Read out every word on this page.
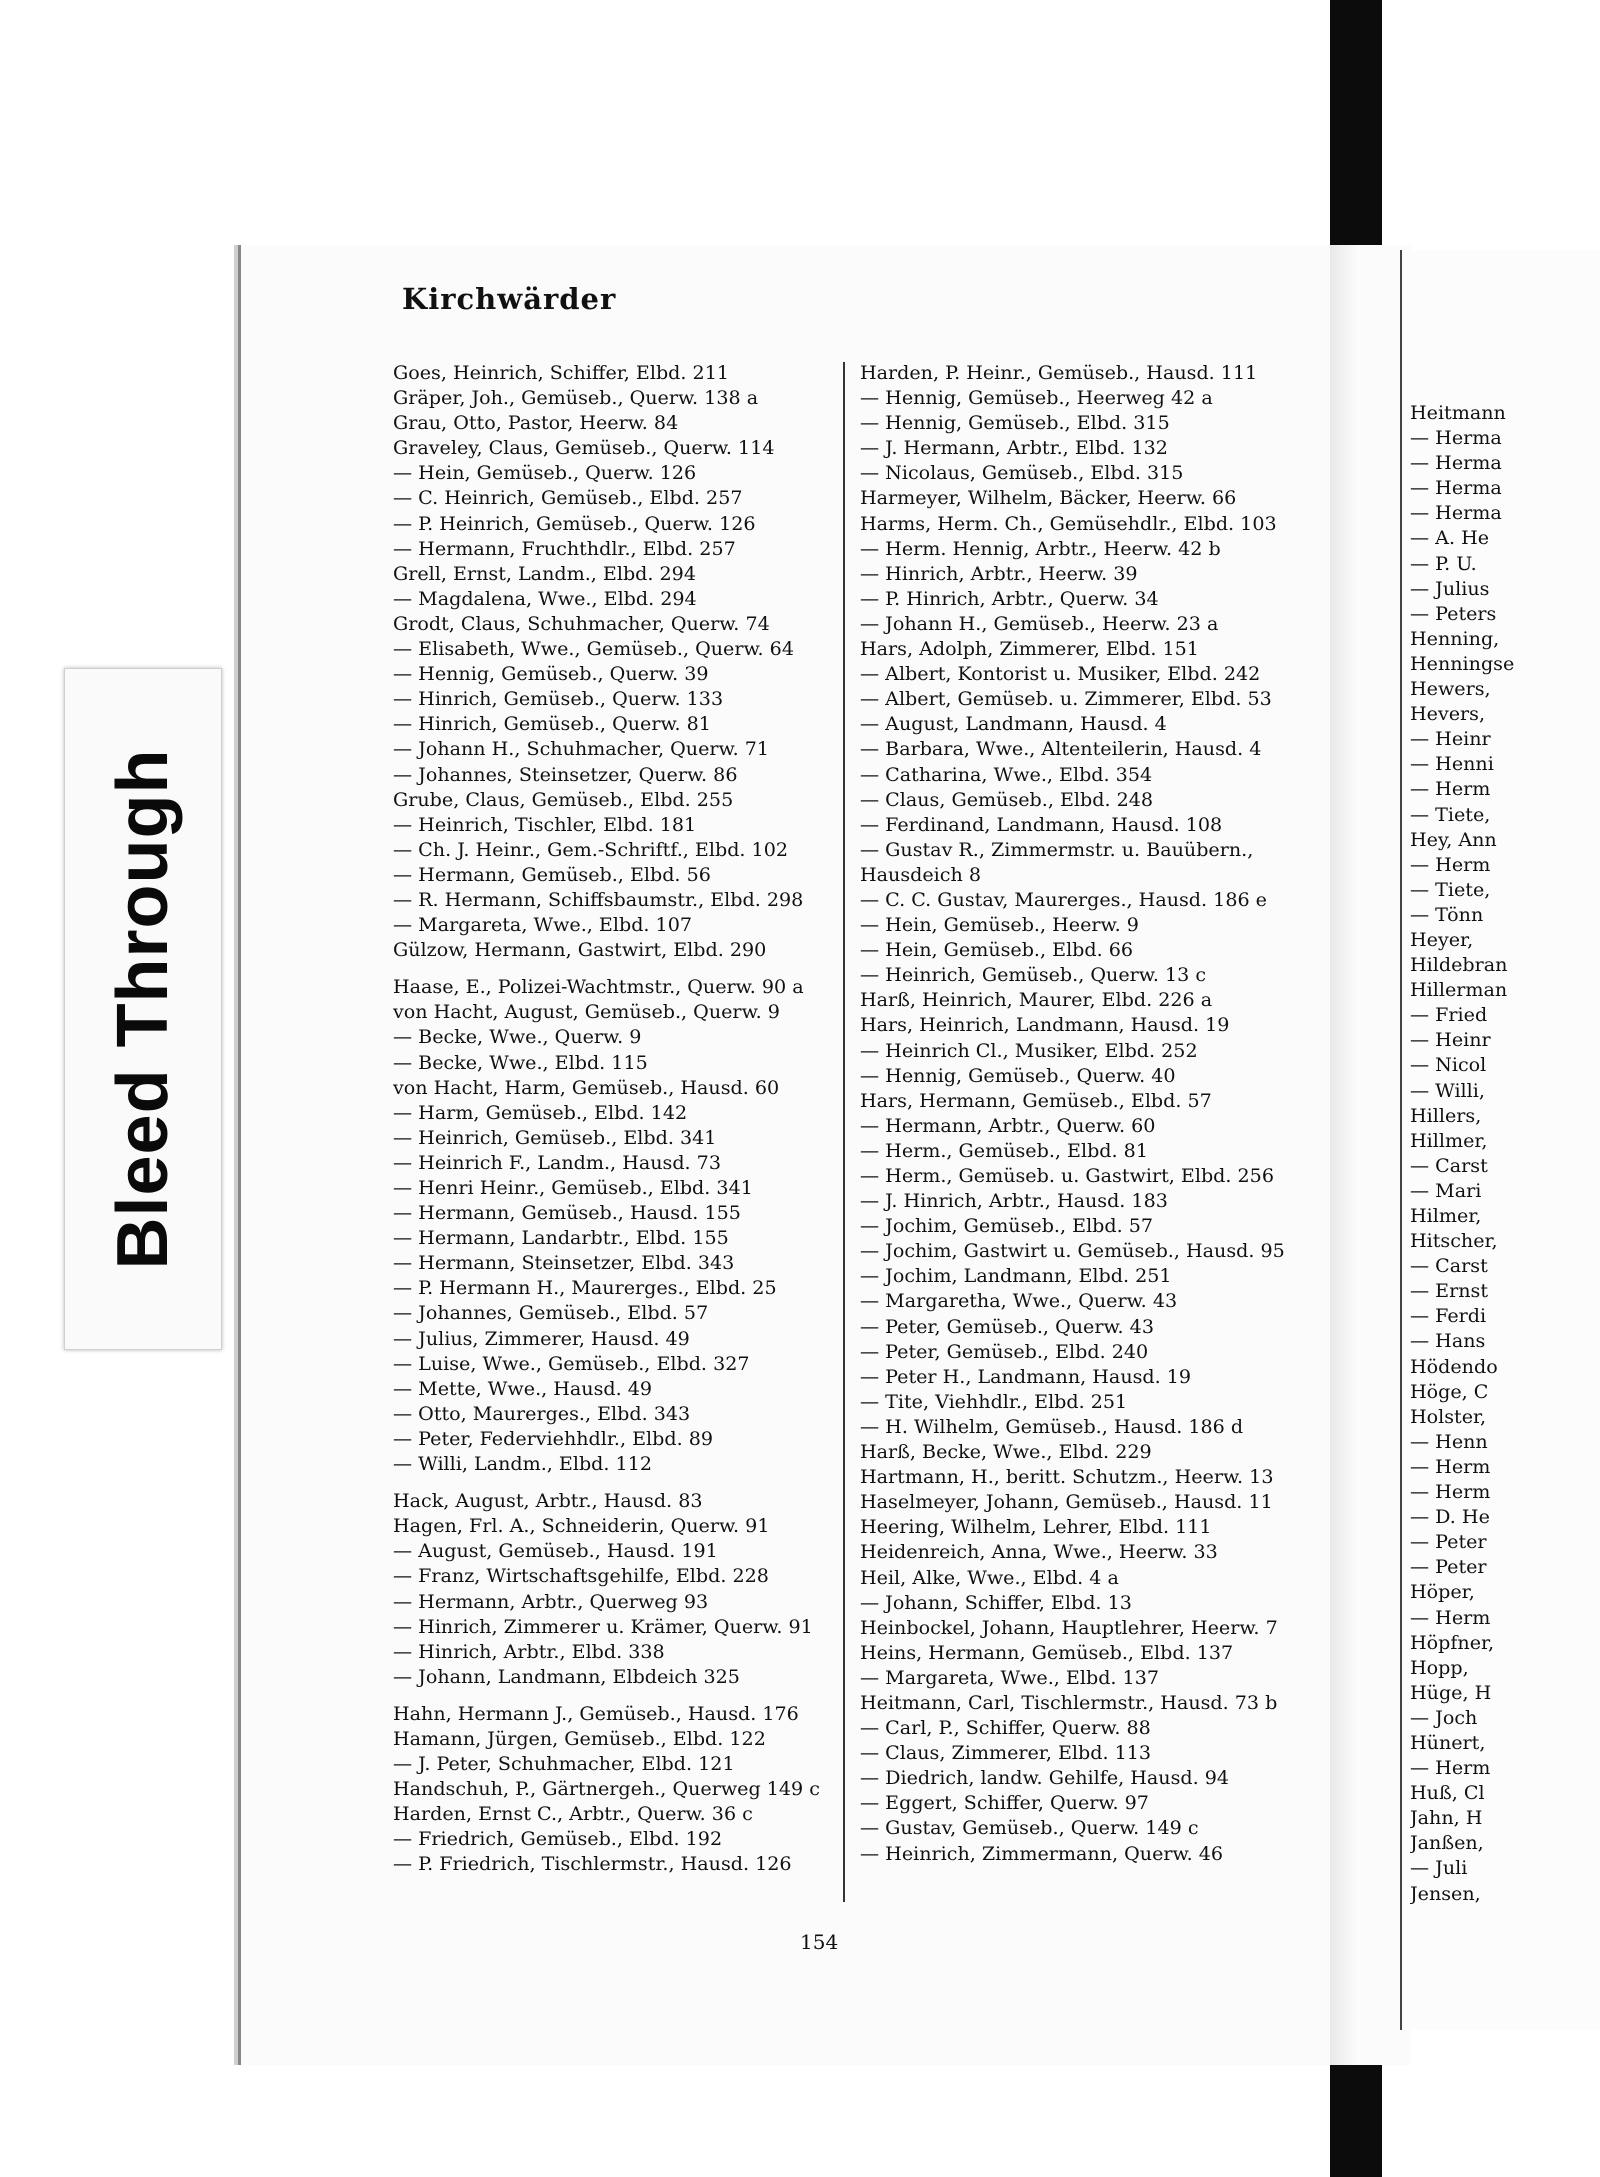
Heitmann
— Herma
— Herma
— Herma
— Herma
— A. He
— P. U.
— Julius
— Peters
Henning,
Henningse
Hewers,
Hevers,
— Heinr
— Henni
— Herm
— Tiete,
Hey, Ann
— Herm
— Tiete,
— Tönn
Heyer,
Hildebran
Hillerman
— Fried
— Heinr
— Nicol
— Willi,
Hillers,
Hillmer,
— Carst
— Mari
Hilmer,
Hitscher,
— Carst
— Ernst
— Ferdi
— Hans
Hödendo
Höge, C
Holster,
— Henn
— Herm
— Herm
— D. He
— Peter
— Peter
Höper,
— Herm
Höpfner,
Hopp,
Hüge, H
— Joch
Hünert,
— Herm
Huß, Cl
Jahn, H
Janßen,
— Juli
Jensen,
Bleed Through
Kirchwärder
Goes, Heinrich, Schiffer, Elbd. 211
Gräper, Joh., Gemüseb., Querw. 138 a
Grau, Otto, Pastor, Heerw. 84
Graveley, Claus, Gemüseb., Querw. 114
— Hein, Gemüseb., Querw. 126
— C. Heinrich, Gemüseb., Elbd. 257
— P. Heinrich, Gemüseb., Querw. 126
— Hermann, Fruchthdlr., Elbd. 257
Grell, Ernst, Landm., Elbd. 294
— Magdalena, Wwe., Elbd. 294
Grodt, Claus, Schuhmacher, Querw. 74
— Elisabeth, Wwe., Gemüseb., Querw. 64
— Hennig, Gemüseb., Querw. 39
— Hinrich, Gemüseb., Querw. 133
— Hinrich, Gemüseb., Querw. 81
— Johann H., Schuhmacher, Querw. 71
— Johannes, Steinsetzer, Querw. 86
Grube, Claus, Gemüseb., Elbd. 255
— Heinrich, Tischler, Elbd. 181
— Ch. J. Heinr., Gem.-Schriftf., Elbd. 102
— Hermann, Gemüseb., Elbd. 56
— R. Hermann, Schiffsbaumstr., Elbd. 298
— Margareta, Wwe., Elbd. 107
Gülzow, Hermann, Gastwirt, Elbd. 290
Haase, E., Polizei-Wachtmstr., Querw. 90 a
von Hacht, August, Gemüseb., Querw. 9
— Becke, Wwe., Querw. 9
— Becke, Wwe., Elbd. 115
von Hacht, Harm, Gemüseb., Hausd. 60
— Harm, Gemüseb., Elbd. 142
— Heinrich, Gemüseb., Elbd. 341
— Heinrich F., Landm., Hausd. 73
— Henri Heinr., Gemüseb., Elbd. 341
— Hermann, Gemüseb., Hausd. 155
— Hermann, Landarbtr., Elbd. 155
— Hermann, Steinsetzer, Elbd. 343
— P. Hermann H., Maurerges., Elbd. 25
— Johannes, Gemüseb., Elbd. 57
— Julius, Zimmerer, Hausd. 49
— Luise, Wwe., Gemüseb., Elbd. 327
— Mette, Wwe., Hausd. 49
— Otto, Maurerges., Elbd. 343
— Peter, Federviehhdlr., Elbd. 89
— Willi, Landm., Elbd. 112
Hack, August, Arbtr., Hausd. 83
Hagen, Frl. A., Schneiderin, Querw. 91
— August, Gemüseb., Hausd. 191
— Franz, Wirtschaftsgehilfe, Elbd. 228
— Hermann, Arbtr., Querweg 93
— Hinrich, Zimmerer u. Krämer, Querw. 91
— Hinrich, Arbtr., Elbd. 338
— Johann, Landmann, Elbdeich 325
Hahn, Hermann J., Gemüseb., Hausd. 176
Hamann, Jürgen, Gemüseb., Elbd. 122
— J. Peter, Schuhmacher, Elbd. 121
Handschuh, P., Gärtnergeh., Querweg 149 c
Harden, Ernst C., Arbtr., Querw. 36 c
— Friedrich, Gemüseb., Elbd. 192
— P. Friedrich, Tischlermstr., Hausd. 126
Harden, P. Heinr., Gemüseb., Hausd. 111
— Hennig, Gemüseb., Heerweg 42 a
— Hennig, Gemüseb., Elbd. 315
— J. Hermann, Arbtr., Elbd. 132
— Nicolaus, Gemüseb., Elbd. 315
Harmeyer, Wilhelm, Bäcker, Heerw. 66
Harms, Herm. Ch., Gemüsehdlr., Elbd. 103
— Herm. Hennig, Arbtr., Heerw. 42 b
— Hinrich, Arbtr., Heerw. 39
— P. Hinrich, Arbtr., Querw. 34
— Johann H., Gemüseb., Heerw. 23 a
Hars, Adolph, Zimmerer, Elbd. 151
— Albert, Kontorist u. Musiker, Elbd. 242
— Albert, Gemüseb. u. Zimmerer, Elbd. 53
— August, Landmann, Hausd. 4
— Barbara, Wwe., Altenteilerin, Hausd. 4
— Catharina, Wwe., Elbd. 354
— Claus, Gemüseb., Elbd. 248
— Ferdinand, Landmann, Hausd. 108
— Gustav R., Zimmermstr. u. Bauübern.,
Hausdeich 8
— C. C. Gustav, Maurerges., Hausd. 186 e
— Hein, Gemüseb., Heerw. 9
— Hein, Gemüseb., Elbd. 66
— Heinrich, Gemüseb., Querw. 13 c
Harß, Heinrich, Maurer, Elbd. 226 a
Hars, Heinrich, Landmann, Hausd. 19
— Heinrich Cl., Musiker, Elbd. 252
— Hennig, Gemüseb., Querw. 40
Hars, Hermann, Gemüseb., Elbd. 57
— Hermann, Arbtr., Querw. 60
— Herm., Gemüseb., Elbd. 81
— Herm., Gemüseb. u. Gastwirt, Elbd. 256
— J. Hinrich, Arbtr., Hausd. 183
— Jochim, Gemüseb., Elbd. 57
— Jochim, Gastwirt u. Gemüseb., Hausd. 95
— Jochim, Landmann, Elbd. 251
— Margaretha, Wwe., Querw. 43
— Peter, Gemüseb., Querw. 43
— Peter, Gemüseb., Elbd. 240
— Peter H., Landmann, Hausd. 19
— Tite, Viehhdlr., Elbd. 251
— H. Wilhelm, Gemüseb., Hausd. 186 d
Harß, Becke, Wwe., Elbd. 229
Hartmann, H., beritt. Schutzm., Heerw. 13
Haselmeyer, Johann, Gemüseb., Hausd. 11
Heering, Wilhelm, Lehrer, Elbd. 111
Heidenreich, Anna, Wwe., Heerw. 33
Heil, Alke, Wwe., Elbd. 4 a
— Johann, Schiffer, Elbd. 13
Heinbockel, Johann, Hauptlehrer, Heerw. 7
Heins, Hermann, Gemüseb., Elbd. 137
— Margareta, Wwe., Elbd. 137
Heitmann, Carl, Tischlermstr., Hausd. 73 b
— Carl, P., Schiffer, Querw. 88
— Claus, Zimmerer, Elbd. 113
— Diedrich, landw. Gehilfe, Hausd. 94
— Eggert, Schiffer, Querw. 97
— Gustav, Gemüseb., Querw. 149 c
— Heinrich, Zimmermann, Querw. 46
154
